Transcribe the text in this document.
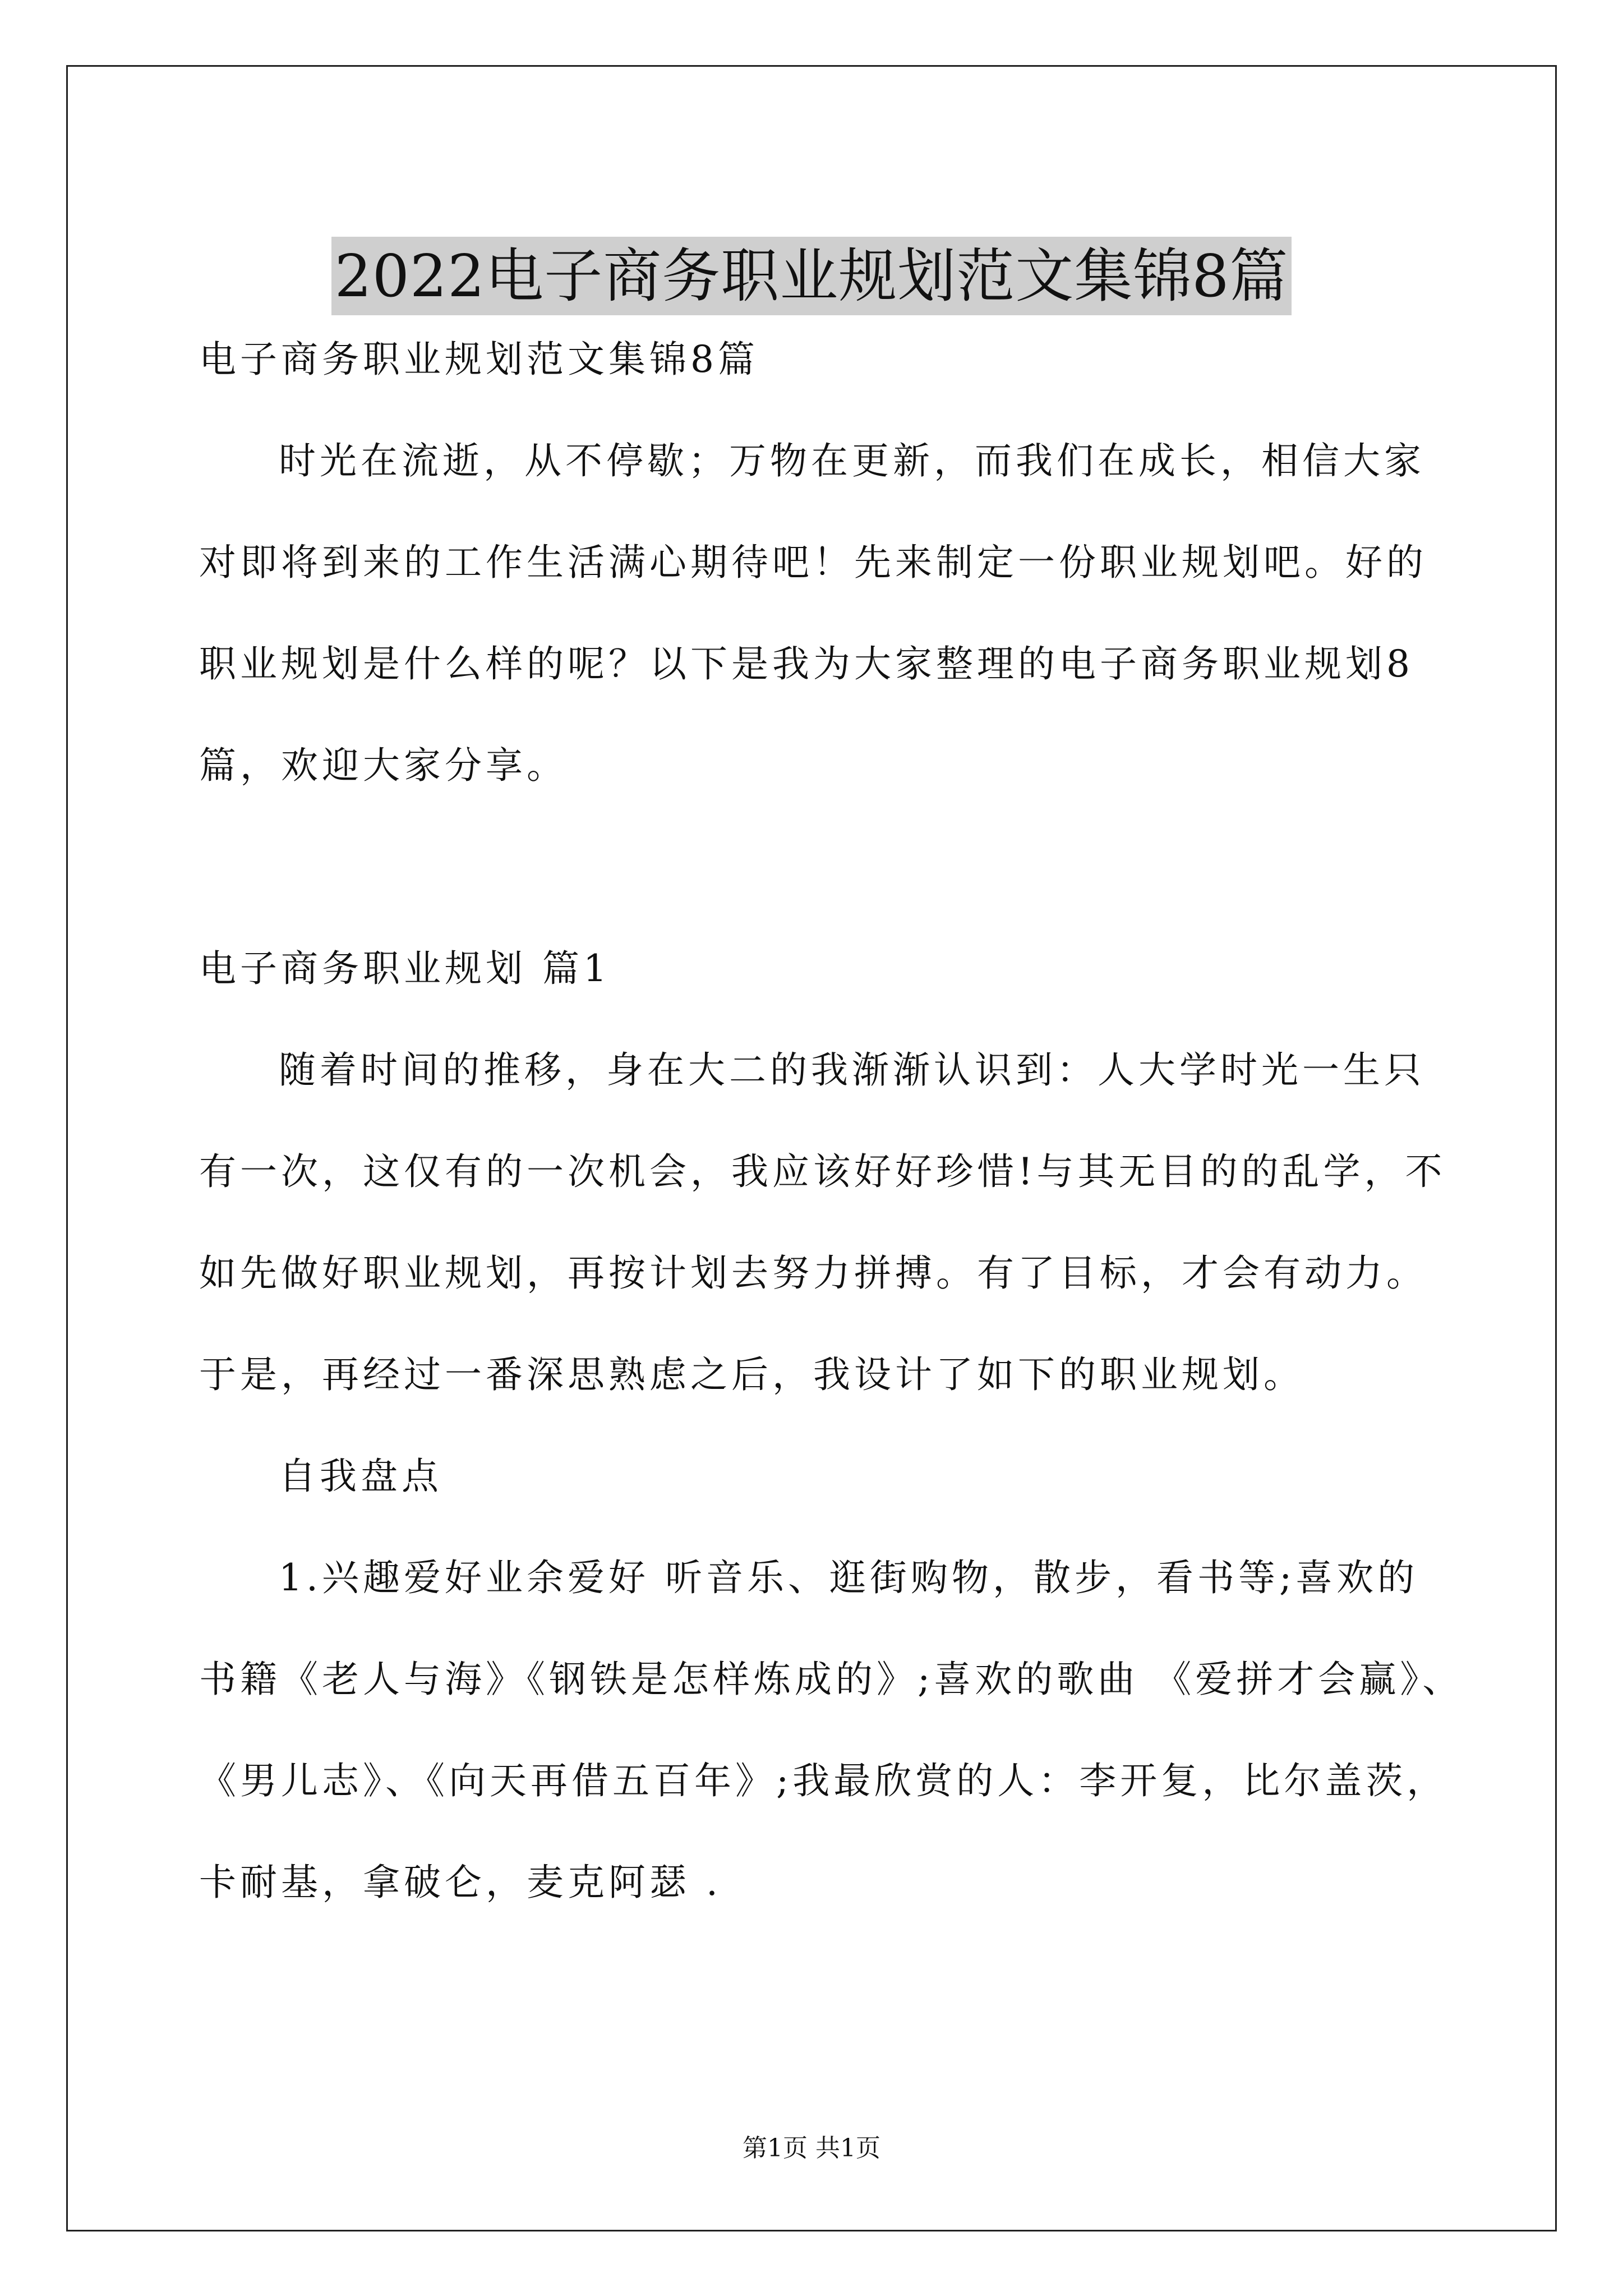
2022电子商务职业规划范文集锦8篇

电子商务职业规划范文集锦8篇

时光在流逝，从不停歇；万物在更新，而我们在成长，相信大家

对即将到来的工作生活满心期待吧！先来制定一份职业规划吧。好的

职业规划是什么样的呢？以下是我为大家整理的电子商务职业规划8

篇，欢迎大家分享。

电子商务职业规划 篇1

随着时间的推移，身在大二的我渐渐认识到：人大学时光一生只

有一次，这仅有的一次机会，我应该好好珍惜!与其无目的的乱学，不

如先做好职业规划，再按计划去努力拼搏。有了目标，才会有动力。

于是，再经过一番深思熟虑之后，我设计了如下的职业规划。

自我盘点

1.兴趣爱好业余爱好 听音乐、逛街购物，散步，看书等;喜欢的

书籍《老人与海》《钢铁是怎样炼成的》;喜欢的歌曲 《爱拼才会赢》、

《男儿志》、《向天再借五百年》;我最欣赏的人：李开复，比尔盖茨，

卡耐基，拿破仑，麦克阿瑟 .

第1页 共1页
